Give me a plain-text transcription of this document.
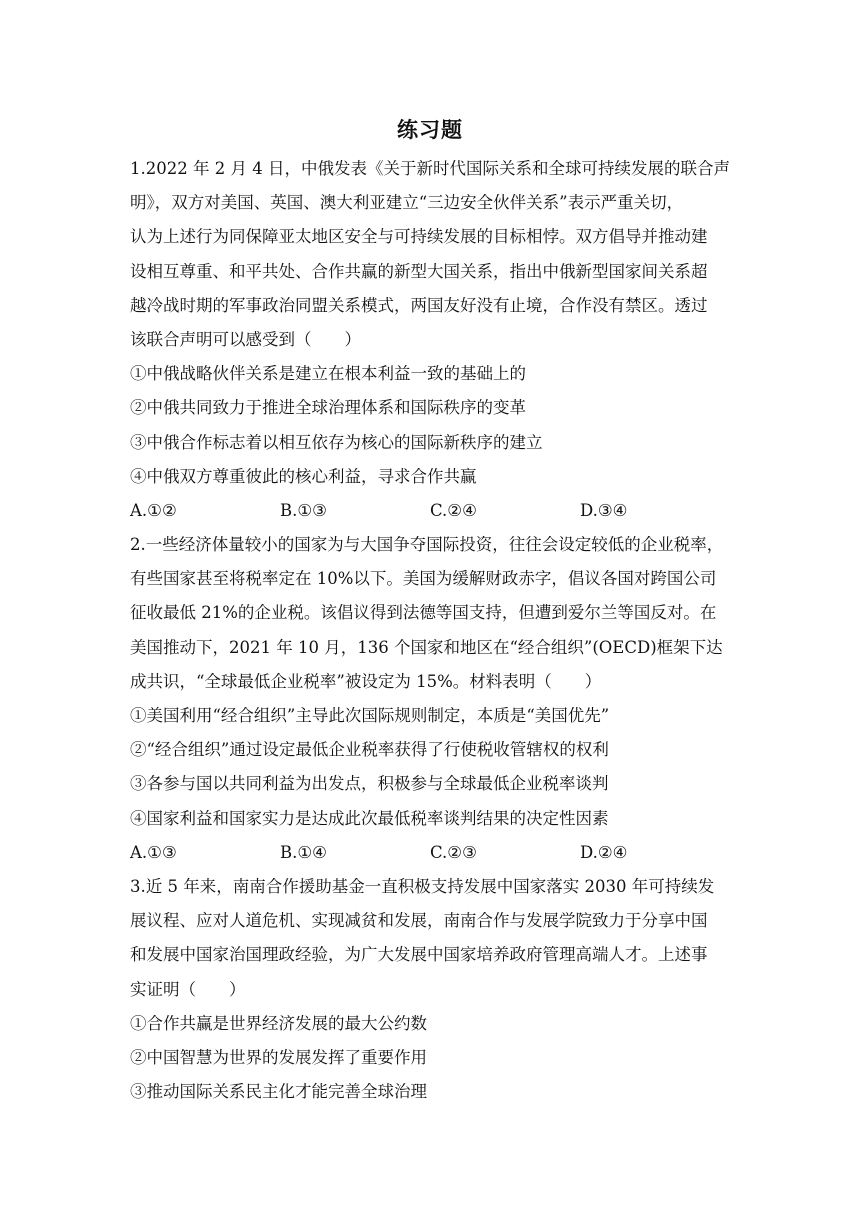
练习题
1.2022 年 2 月 4 日，中俄发表《关于新时代国际关系和全球可持续发展的联合声
明》，双方对美国、英国、澳大利亚建立“三边安全伙伴关系”表示严重关切，
认为上述行为同保障亚太地区安全与可持续发展的目标相悖。双方倡导并推动建
设相互尊重、和平共处、合作共赢的新型大国关系，指出中俄新型国家间关系超
越冷战时期的军事政治同盟关系模式，两国友好没有止境，合作没有禁区。透过
该联合声明可以感受到（　　）
①中俄战略伙伴关系是建立在根本利益一致的基础上的
②中俄共同致力于推进全球治理体系和国际秩序的变革
③中俄合作标志着以相互依存为核心的国际新秩序的建立
④中俄双方尊重彼此的核心利益，寻求合作共赢
A.①②	B.①③	C.②④	D.③④
2.一些经济体量较小的国家为与大国争夺国际投资，往往会设定较低的企业税率，
有些国家甚至将税率定在 10%以下。美国为缓解财政赤字，倡议各国对跨国公司
征收最低 21%的企业税。该倡议得到法德等国支持，但遭到爱尔兰等国反对。在
美国推动下，2021 年 10 月，136 个国家和地区在“经合组织”(OECD)框架下达
成共识，“全球最低企业税率”被设定为 15%。材料表明（　　）
①美国利用“经合组织”主导此次国际规则制定，本质是“美国优先”
②“经合组织”通过设定最低企业税率获得了行使税收管辖权的权利
③各参与国以共同利益为出发点，积极参与全球最低企业税率谈判
④国家利益和国家实力是达成此次最低税率谈判结果的决定性因素
A.①③	B.①④	C.②③	D.②④
3.近 5 年来，南南合作援助基金一直积极支持发展中国家落实 2030 年可持续发
展议程、应对人道危机、实现减贫和发展，南南合作与发展学院致力于分享中国
和发展中国家治国理政经验，为广大发展中国家培养政府管理高端人才。上述事
实证明（　　）
①合作共赢是世界经济发展的最大公约数
②中国智慧为世界的发展发挥了重要作用
③推动国际关系民主化才能完善全球治理
